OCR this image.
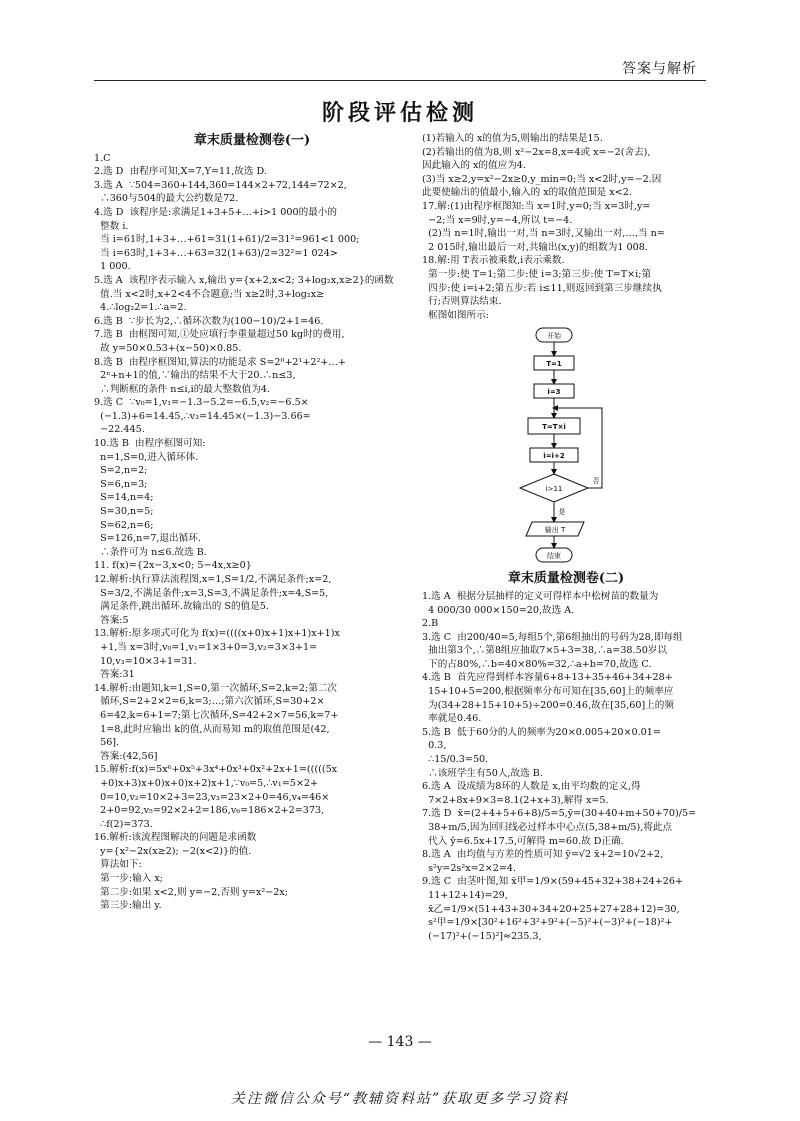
答案与解析
阶段评估检测
章末质量检测卷(一)
1.C
2.选 D  由程序可知,X=7,Y=11,故选 D.
3.选 A  ∵504=360+144,360=144×2+72,144=72×2,
∴360与504的最大公约数是72.
4.选 D  该程序是:求满足1+3+5+…+i>1 000的最小的
整数 i.
当 i=61时,1+3+…+61=31(1+61)/2=31²=961<1 000;
当 i=63时,1+3+…+63=32(1+63)/2=32²=1 024>
1 000.
5.选 A  该程序表示输入 x,输出 y={x+2,x<2; 3+log₂x,x≥2}的函数
值.当 x<2时,x+2<4不合题意;当 x≥2时,3+log₂x≥
4.∴log₂2=1.∴a=2.
6.选 B  ∵步长为2,∴循环次数为(100−10)/2+1=46.
7.选 B  由框图可知,①处应填行李重量超过50 kg时的费用,
故 y=50×0.53+(x−50)×0.85.
8.选 B  由程序框图知,算法的功能是求 S=2⁰+2¹+2²+…+
2ⁿ+n+1的值,∵输出的结果不大于20.∴n≤3,
∴判断框的条件 n≤i,i的最大整数值为4.
9.选 C  ∵v₀=1,v₁=−1.3−5.2=−6.5,v₂=−6.5×
(−1.3)+6=14.45,∴v₃=14.45×(−1.3)−3.66=
−22.445.
10.选 B  由程序框图可知:
n=1,S=0,进入循环体.
S=2,n=2;
S=6,n=3;
S=14,n=4;
S=30,n=5;
S=62,n=6;
S=126,n=7,退出循环.
∴条件可为 n≤6.故选 B.
11. f(x)={2x−3,x<0; 5−4x,x≥0}
12.解析:执行算法流程图,x=1,S=1/2,不满足条件;x=2,
S=3/2,不满足条件;x=3,S=3,不满足条件;x=4,S=5,
满足条件,跳出循环.故输出的 S的值是5.
答案:5
13.解析:原多项式可化为 f(x)=((((x+0)x+1)x+1)x+1)x
+1,当 x=3时,v₀=1,v₁=1×3+0=3,v₂=3×3+1=
10,v₃=10×3+1=31.
答案:31
14.解析:由题知,k=1,S=0,第一次循环,S=2,k=2;第二次
循环,S=2+2×2=6,k=3;…;第六次循环,S=30+2×
6=42,k=6+1=7;第七次循环,S=42+2×7=56,k=7+
1=8,此时应输出 k的值,从而易知 m的取值范围是(42,
56].
答案:(42,56]
15.解析:f(x)=5x⁶+0x⁵+3x⁴+0x³+0x²+2x+1=(((((5x
+0)x+3)x+0)x+0)x+2)x+1,∵v₀=5,∴v₁=5×2+
0=10,v₂=10×2+3=23,v₃=23×2+0=46,v₄=46×
2+0=92,v₅=92×2+2=186,v₆=186×2+2=373,
∴f(2)=373.
16.解析:该流程图解决的问题是求函数
y={x²−2x(x≥2); −2(x<2)}的值.
算法如下:
第一步:输入 x;
第二步:如果 x<2,则 y=−2,否则 y=x²−2x;
第三步:输出 y.
(1)若输入的 x的值为5,则输出的结果是15.
(2)若输出的值为8,则 x²−2x=8,x=4或 x=−2(舍去),
因此输入的 x的值应为4.
(3)当 x≥2,y=x²−2x≥0,y_min=0;当 x<2时,y=−2.因
此要使输出的值最小,输入的 x的取值范围是 x<2.
17.解:(1)由程序框图知:当 x=1时,y=0;当 x=3时,y=
−2;当 x=9时,y=−4,所以 t=−4.
(2)当 n=1时,输出一对,当 n=3时,又输出一对,…,当 n=
2 015时,输出最后一对,共输出(x,y)的组数为1 008.
18.解:用 T表示被乘数,i表示乘数.
第一步:使 T=1;第二步:使 i=3;第三步:使 T=T×i;第
四步:使 i=i+2;第五步:若 i≤11,则返回到第三步继续执
行;否则算法结束.
框图如图所示:
开始
T=1
i=3
T=T×i
i=i+2
i>11
否
是
输出 T
结束
章末质量检测卷(二)
1.选 A  根据分层抽样的定义可得样本中松树苗的数量为
4 000/30 000×150=20,故选 A.
2.B
3.选 C  由200/40=5,每组5个,第6组抽出的号码为28,即每组
抽出第3个,∴第8组应抽取7×5+3=38,∴a=38.50岁以
下的占80%,∴b=40×80%=32,∴a+b=70,故选 C.
4.选 B  首先应得到样本容量6+8+13+35+46+34+28+
15+10+5=200,根据频率分布可知在[35,60]上的频率应
为(34+28+15+10+5)÷200=0.46,故在[35,60]上的频
率就是0.46.
5.选 B  低于60分的人的频率为20×0.005+20×0.01=
0.3,
∴15/0.3=50.
∴该班学生有50人,故选 B.
6.选 A  设成绩为8环的人数是 x,由平均数的定义,得
7×2+8x+9×3=8.1(2+x+3),解得 x=5.
7.选 D  x̄=(2+4+5+6+8)/5=5,ȳ=(30+40+m+50+70)/5=
38+m/5,因为回归线必过样本中心点(5,38+m/5),将此点
代入 ŷ=6.5x+17.5,可解得 m=60.故 D正确.
8.选 A  由均值与方差的性质可知 ȳ=√2 x̄+2=10√2+2,
s²y=2s²x=2×2=4.
9.选 C  由茎叶图,知 x̄甲=1/9×(59+45+32+38+24+26+
11+12+14)=29,
x̄乙=1/9×(51+43+30+34+20+25+27+28+12)=30,
s²甲=1/9×[30²+16²+3²+9²+(−5)²+(−3)²+(−18)²+
(−17)²+(−15)²]≈235.3,
— 143 —
关注微信公众号“教辅资料站”获取更多学习资料
